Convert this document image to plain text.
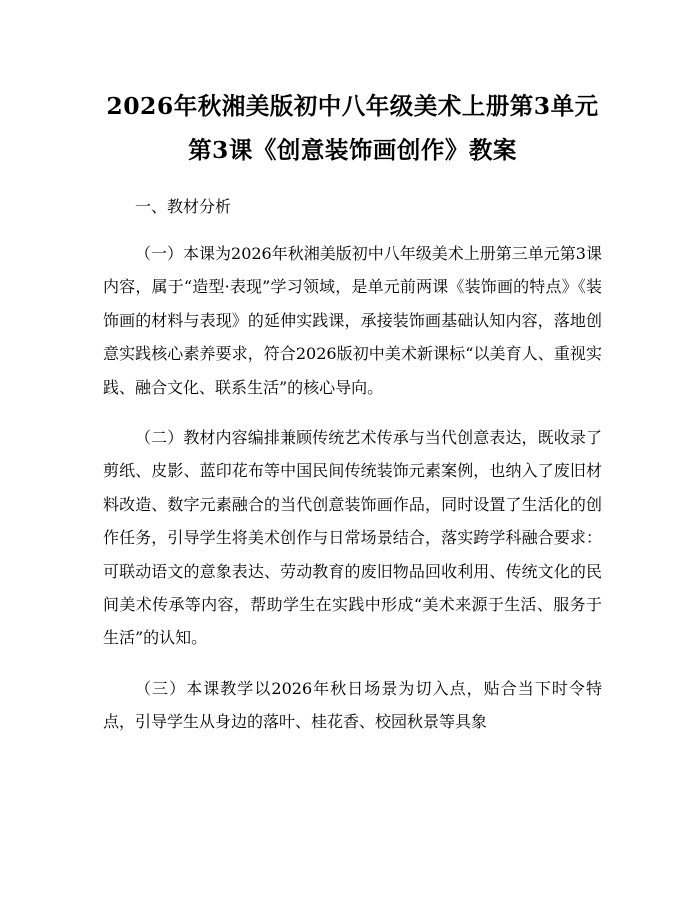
2026年秋湘美版初中八年级美术上册第3单元第3课《创意装饰画创作》教案
一、教材分析

（一）本课为2026年秋湘美版初中八年级美术上册第三单元第3课内容，属于“造型·表现”学习领域，是单元前两课《装饰画的特点》《装饰画的材料与表现》的延伸实践课，承接装饰画基础认知内容，落地创意实践核心素养要求，符合2026版初中美术新课标“以美育人、重视实践、融合文化、联系生活”的核心导向。

（二）教材内容编排兼顾传统艺术传承与当代创意表达，既收录了剪纸、皮影、蓝印花布等中国民间传统装饰元素案例，也纳入了废旧材料改造、数字元素融合的当代创意装饰画作品，同时设置了生活化的创作任务，引导学生将美术创作与日常场景结合，落实跨学科融合要求：可联动语文的意象表达、劳动教育的废旧物品回收利用、传统文化的民间美术传承等内容，帮助学生在实践中形成“美术来源于生活、服务于生活”的认知。

（三）本课教学以2026年秋日场景为切入点，贴合当下时令特点，引导学生从身边的落叶、桂花香、校园秋景等具象
